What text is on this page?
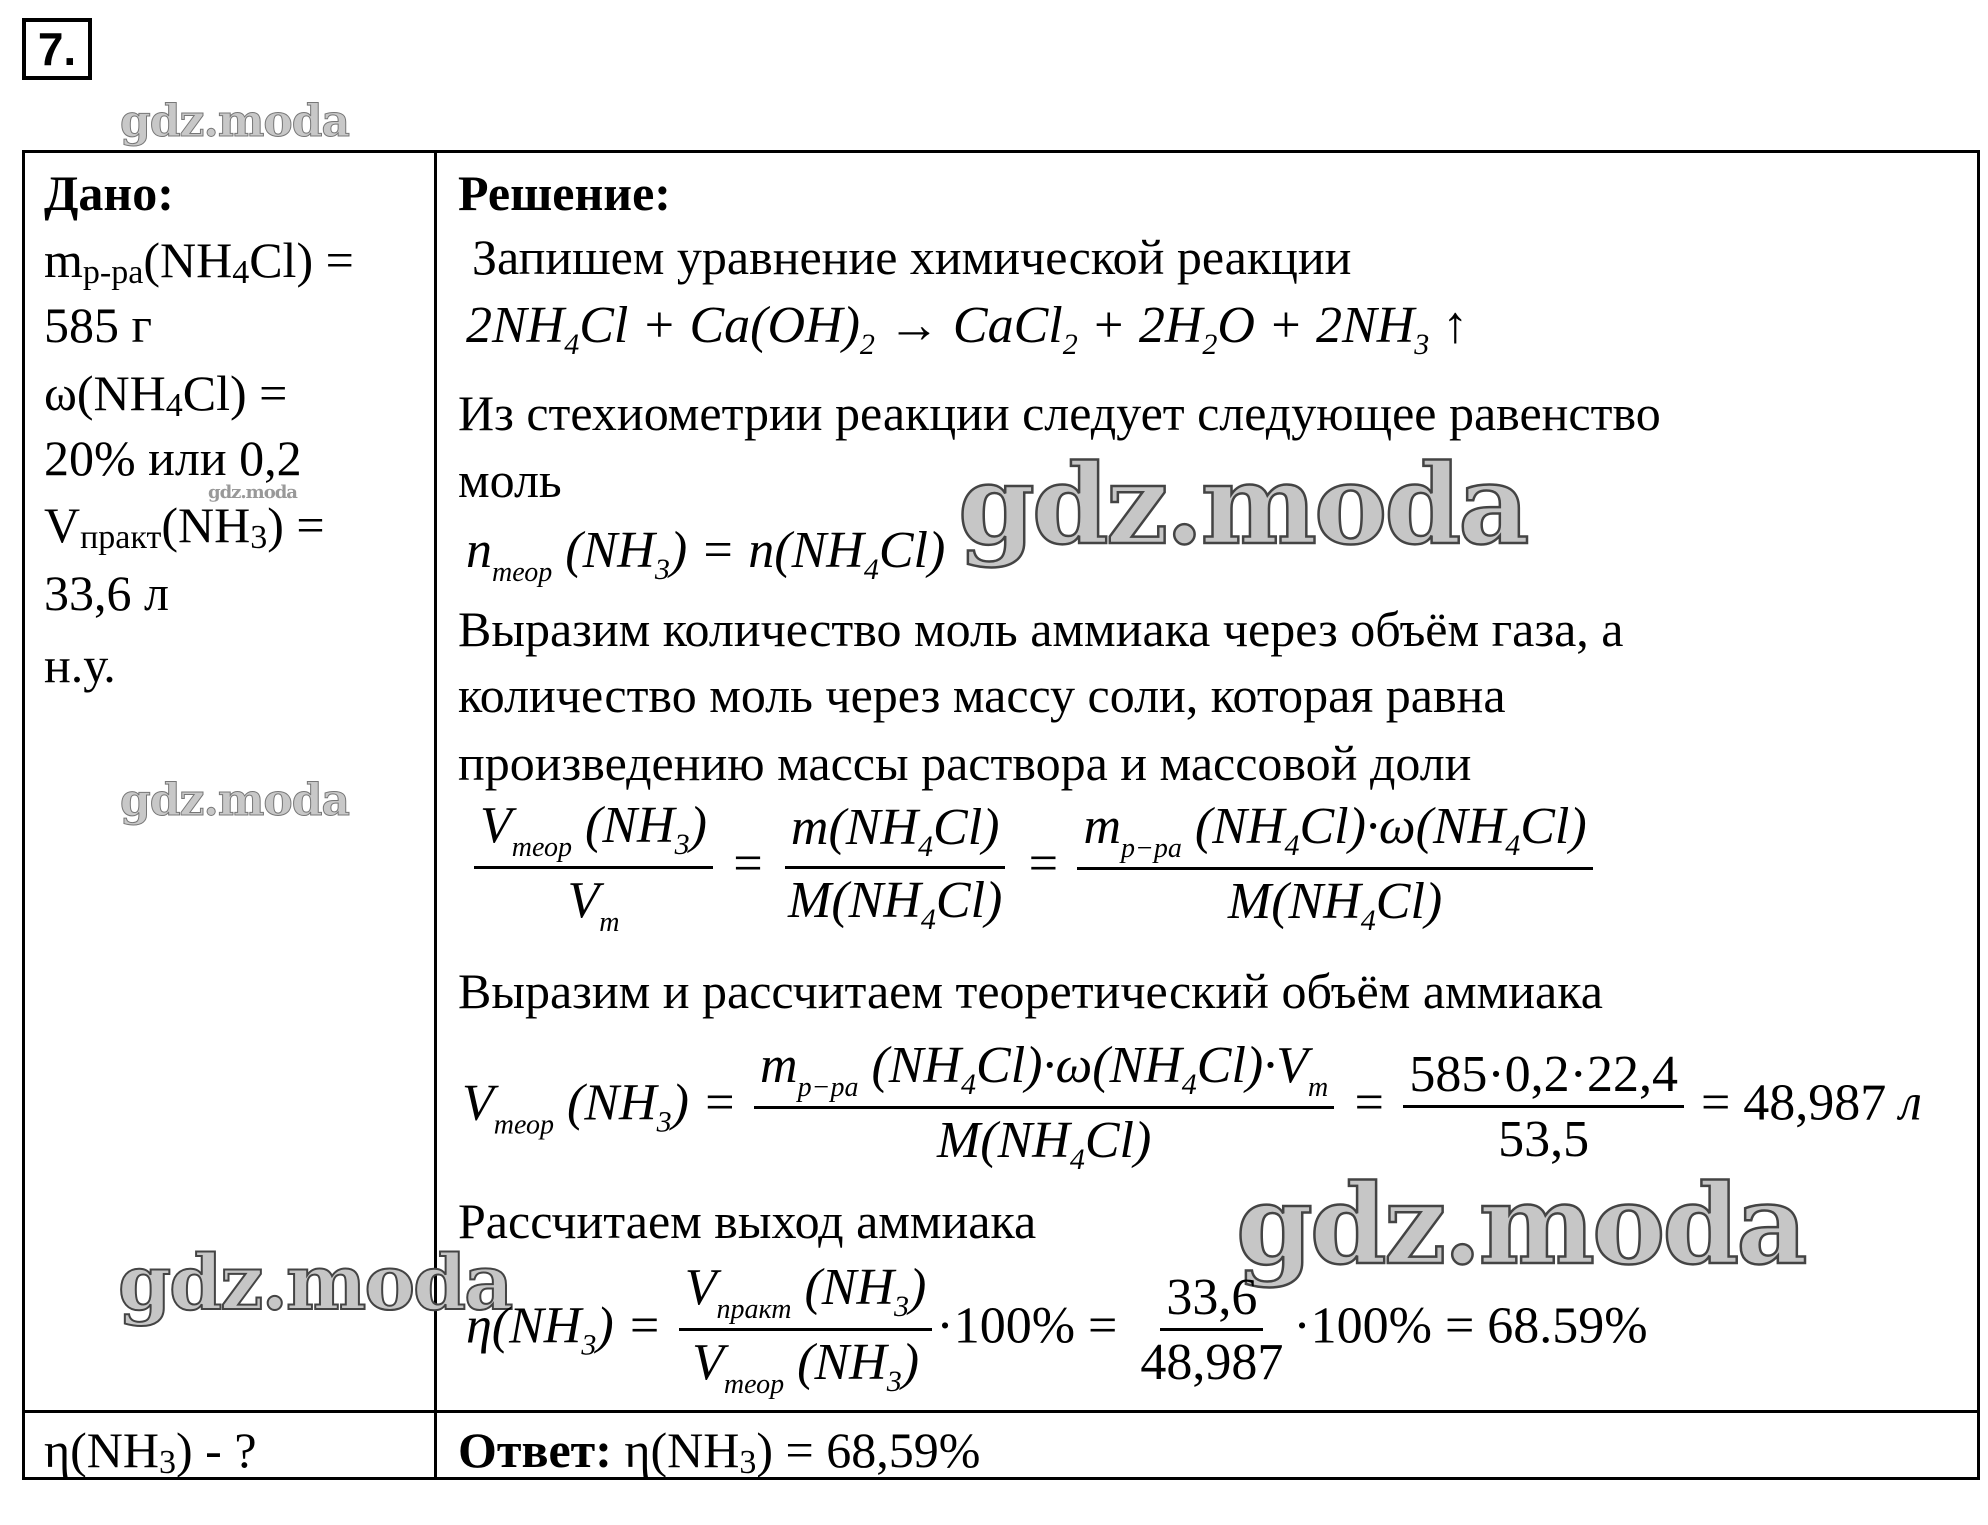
7.
gdz.moda
gdz.moda
gdz.moda
Дано:
mр-ра(NH4Cl) =
585 г
ω(NH4Cl) =
20% или 0,2
Vпракт(NH3) =
33,6 л
н.у.
η(NH3) - ?
Решение:
Запишем уравнение химической реакции
$2NH_4Cl + Ca(OH)_2$ → CaCl$_2$ + $2H_2O + 2NH_3$ ↑
Из стехиометрии реакции следует следующее равенство
моль
$n_{теор}$ $(NH_3) = n(NH_4Cl)$ gdz.moda
Выразим количество моль аммиака через объём газа, а
количество моль через массу соли, которая равна
произведению массы раствора и массовой доли
$\frac{V_{теор} (NH_3)}{V_m} = \frac{m(NH_4Cl)}{M(NH_4Cl)} = \frac{m_{р-ра} (NH_4Cl)\cdot\omega(NH_4Cl)}{M(NH_4Cl)}$
Выразим и рассчитаем теоретический объём аммиака
$V_{теор}$ $(NH_3) = \frac{m_{р-ра} (NH_4Cl)\cdot\omega(NH_4Cl)\cdot V_m}{M(NH_4Cl)} = \frac{585\cdot 0,2\cdot 22,4}{53,5} = 48,987$ л
Рассчитаем выход аммиака
gdz.moda	gdz.moda
$\eta(NH_3) = \frac{V_{практ} (NH_3)}{V_{теор} (NH_3)} \cdot 100\% = \frac{33,6}{48,987} \cdot 100\% = 68.59\%$
Ответ: η(NH3) = 68,59%
